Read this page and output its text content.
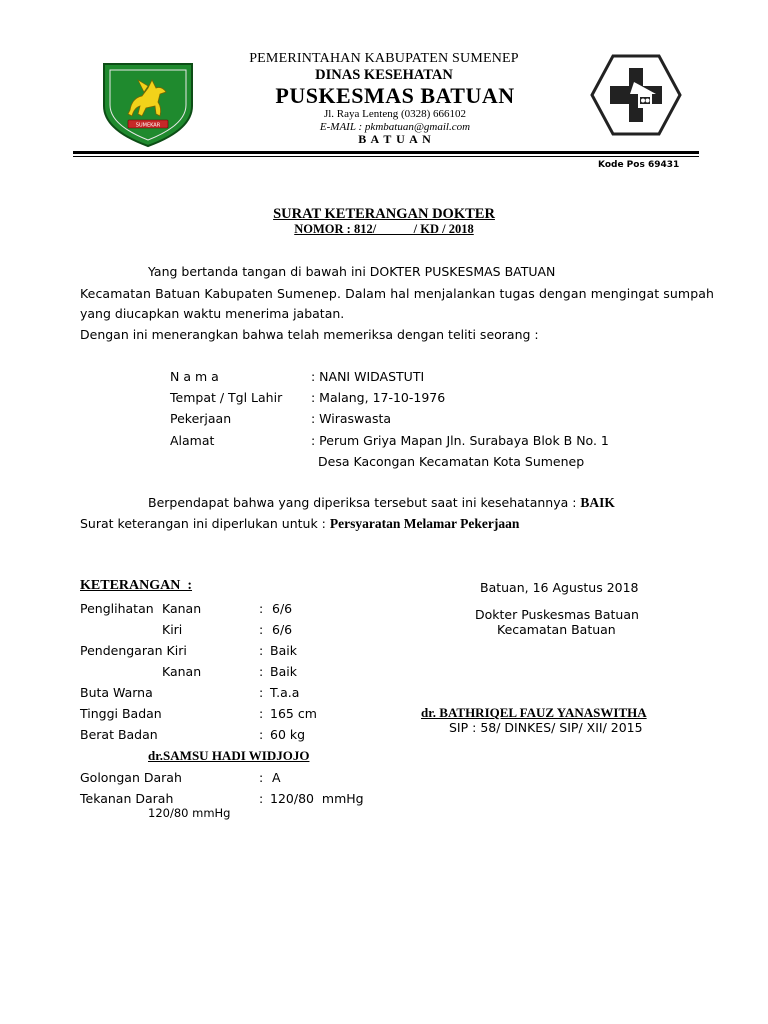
SUMEKAR
PEMERINTAHAN KABUPATEN SUMENEP
DINAS KESEHATAN
PUSKESMAS BATUAN
Jl. Raya Lenteng (0328) 666102
E-MAIL : pkmbatuan@gmail.com
B A T U A N
Kode Pos 69431
SURAT KETERANGAN DOKTER
NOMOR : 812/            / KD / 2018
Yang bertanda tangan di bawah ini DOKTER PUSKESMAS BATUAN
Kecamatan Batuan Kabupaten Sumenep. Dalam hal menjalankan tugas dengan mengingat sumpah
yang diucapkan waktu menerima jabatan.
Dengan ini menerangkan bahwa telah memeriksa dengan teliti seorang :
N a m a	: NANI WIDASTUTI
Tempat / Tgl Lahir : Malang, 17-10-1976
Pekerjaan	: Wiraswasta
Alamat	: Perum Griya Mapan Jln. Surabaya Blok B No. 1
Desa Kacongan Kecamatan Kota Sumenep
Berpendapat bahwa yang diperiksa tersebut saat ini kesehatannya : BAIK
Surat keterangan ini diperlukan untuk : Persyaratan Melamar Pekerjaan
KETERANGAN  :
Penglihatan Kanan	: 6/6
Kiri	: 6/6
Pendengaran Kiri	: Baik
Kanan	: Baik
Buta Warna	: T.a.a
Tinggi Badan	: 165 cm
Berat Badan	: 60 kg
dr.SAMSU HADI WIDJOJO
Golongan Darah	: A
Tekanan Darah	: 120/80  mmHg
120/80 mmHg
Batuan, 16 Agustus 2018
Dokter Puskesmas Batuan
Kecamatan Batuan
dr. BATHRIQEL FAUZ YANASWITHA
SIP : 58/ DINKES/ SIP/ XII/ 2015
